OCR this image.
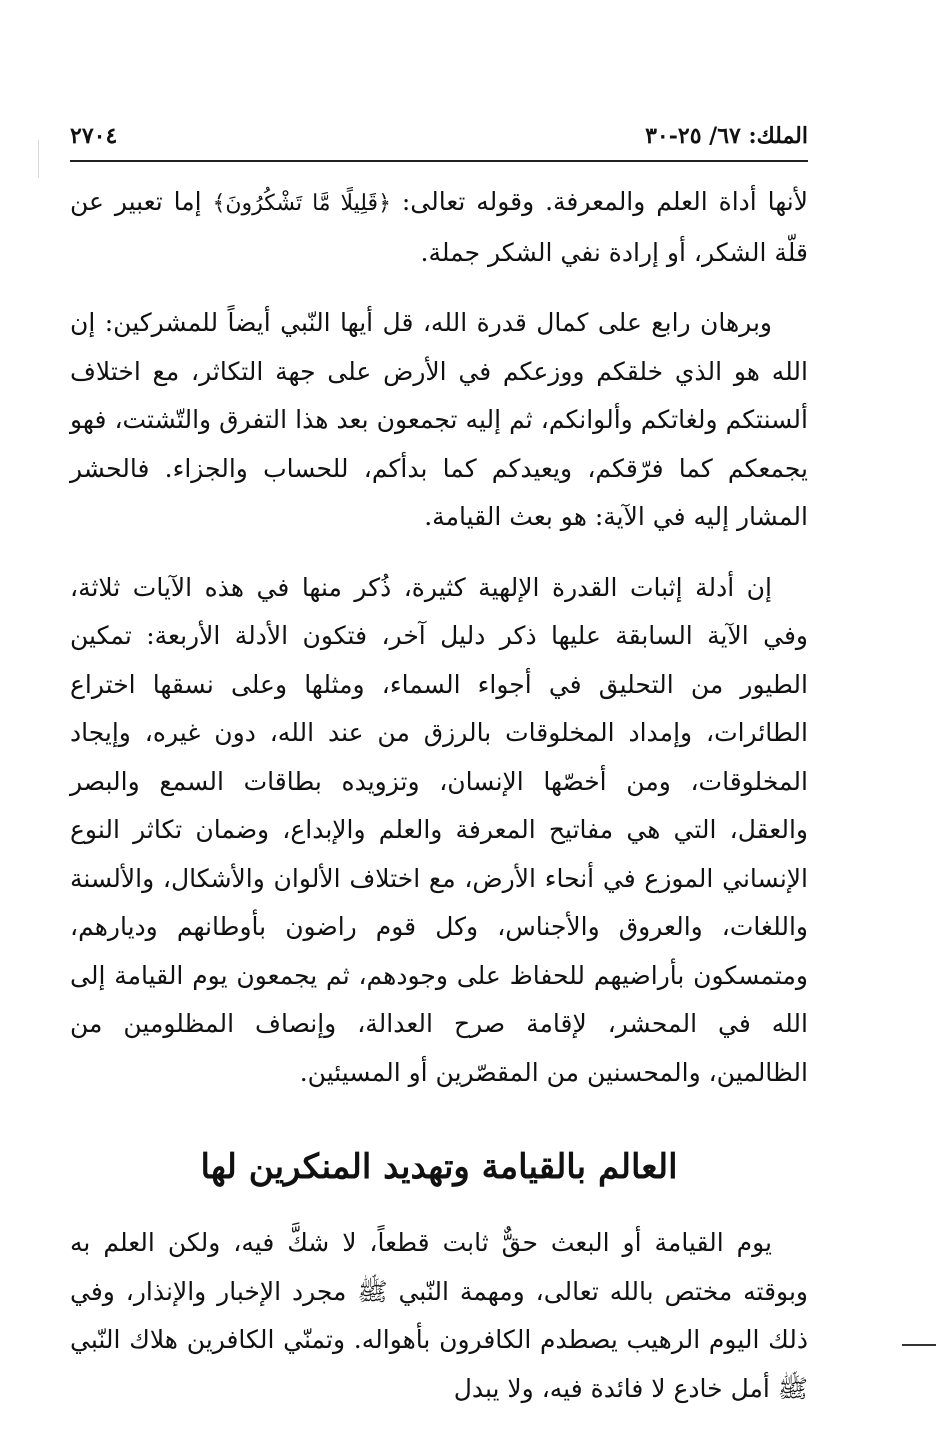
الملك: ٦٧/ ٢٥-٣٠
٢٧٠٤

لأنها أداة العلم والمعرفة. وقوله تعالى: ﴿قَلِيلًا مَّا تَشْكُرُونَ﴾ إما تعبير عن قلّة الشكر، أو إرادة نفي الشكر جملة.

وبرهان رابع على كمال قدرة الله، قل أيها النّبي أيضاً للمشركين: إن الله هو الذي خلقكم ووزعكم في الأرض على جهة التكاثر، مع اختلاف ألسنتكم ولغاتكم وألوانكم، ثم إليه تجمعون بعد هذا التفرق والتّشتت، فهو يجمعكم كما فرّقكم، ويعيدكم كما بدأكم، للحساب والجزاء. فالحشر المشار إليه في الآية: هو بعث القيامة.

إن أدلة إثبات القدرة الإلهية كثيرة، ذُكر منها في هذه الآيات ثلاثة، وفي الآية السابقة عليها ذكر دليل آخر، فتكون الأدلة الأربعة: تمكين الطيور من التحليق في أجواء السماء، ومثلها وعلى نسقها اختراع الطائرات، وإمداد المخلوقات بالرزق من عند الله، دون غيره، وإيجاد المخلوقات، ومن أخصّها الإنسان، وتزويده بطاقات السمع والبصر والعقل، التي هي مفاتيح المعرفة والعلم والإبداع، وضمان تكاثر النوع الإنساني الموزع في أنحاء الأرض، مع اختلاف الألوان والأشكال، والألسنة واللغات، والعروق والأجناس، وكل قوم راضون بأوطانهم وديارهم، ومتمسكون بأراضيهم للحفاظ على وجودهم، ثم يجمعون يوم القيامة إلى الله في المحشر، لإقامة صرح العدالة، وإنصاف المظلومين من الظالمين، والمحسنين من المقصّرين أو المسيئين.

العالم بالقيامة وتهديد المنكرين لها

يوم القيامة أو البعث حقٌّ ثابت قطعاً، لا شكَّ فيه، ولكن العلم به وبوقته مختص بالله تعالى، ومهمة النّبي ﷺ مجرد الإخبار والإنذار، وفي ذلك اليوم الرهيب يصطدم الكافرون بأهواله. وتمنّي الكافرين هلاك النّبي ﷺ أمل خادع لا فائدة فيه، ولا يبدل
